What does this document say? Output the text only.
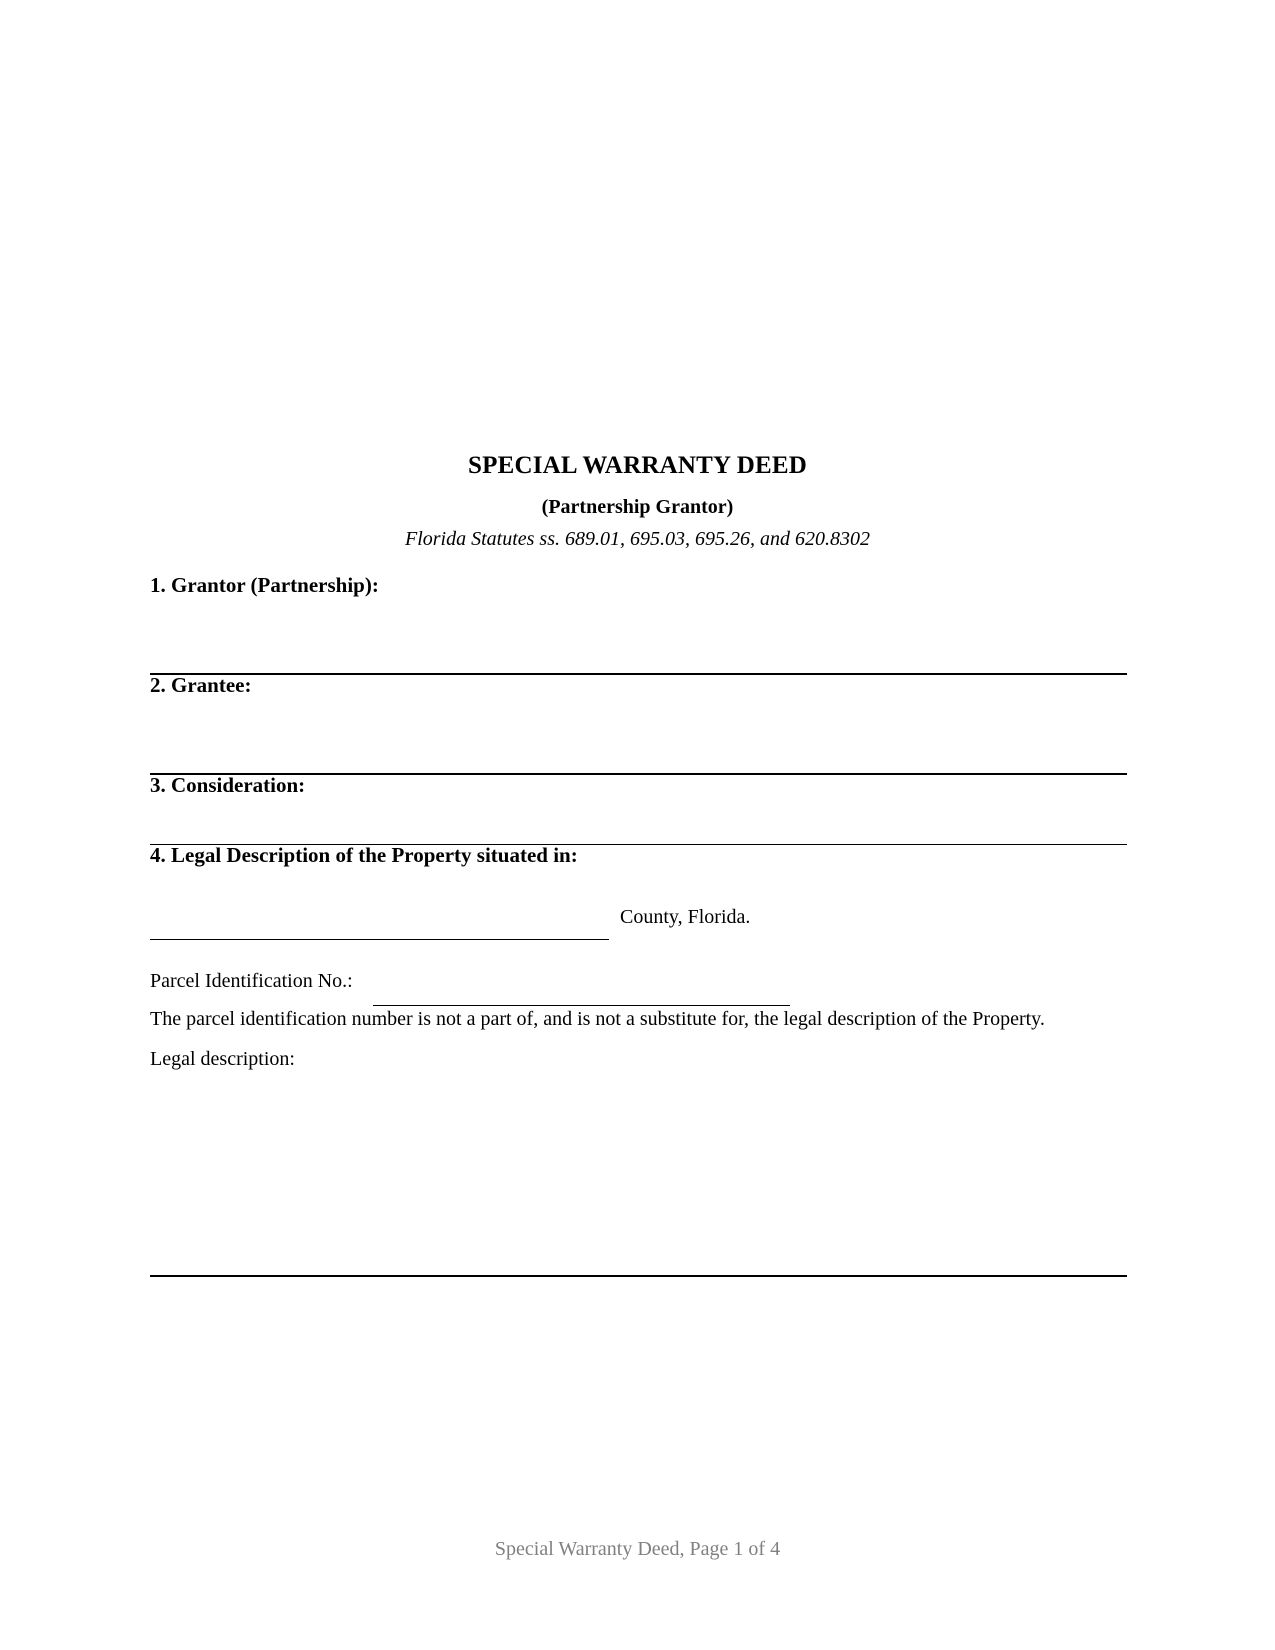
SPECIAL WARRANTY DEED
(Partnership Grantor)
Florida Statutes ss. 689.01, 695.03, 695.26, and 620.8302
1. Grantor (Partnership):
2. Grantee:
3. Consideration:
4. Legal Description of the Property situated in:
County, Florida.
Parcel Identification No.:
The parcel identification number is not a part of, and is not a substitute for, the legal description of the Property.
Legal description:
Special Warranty Deed, Page 1 of 4
